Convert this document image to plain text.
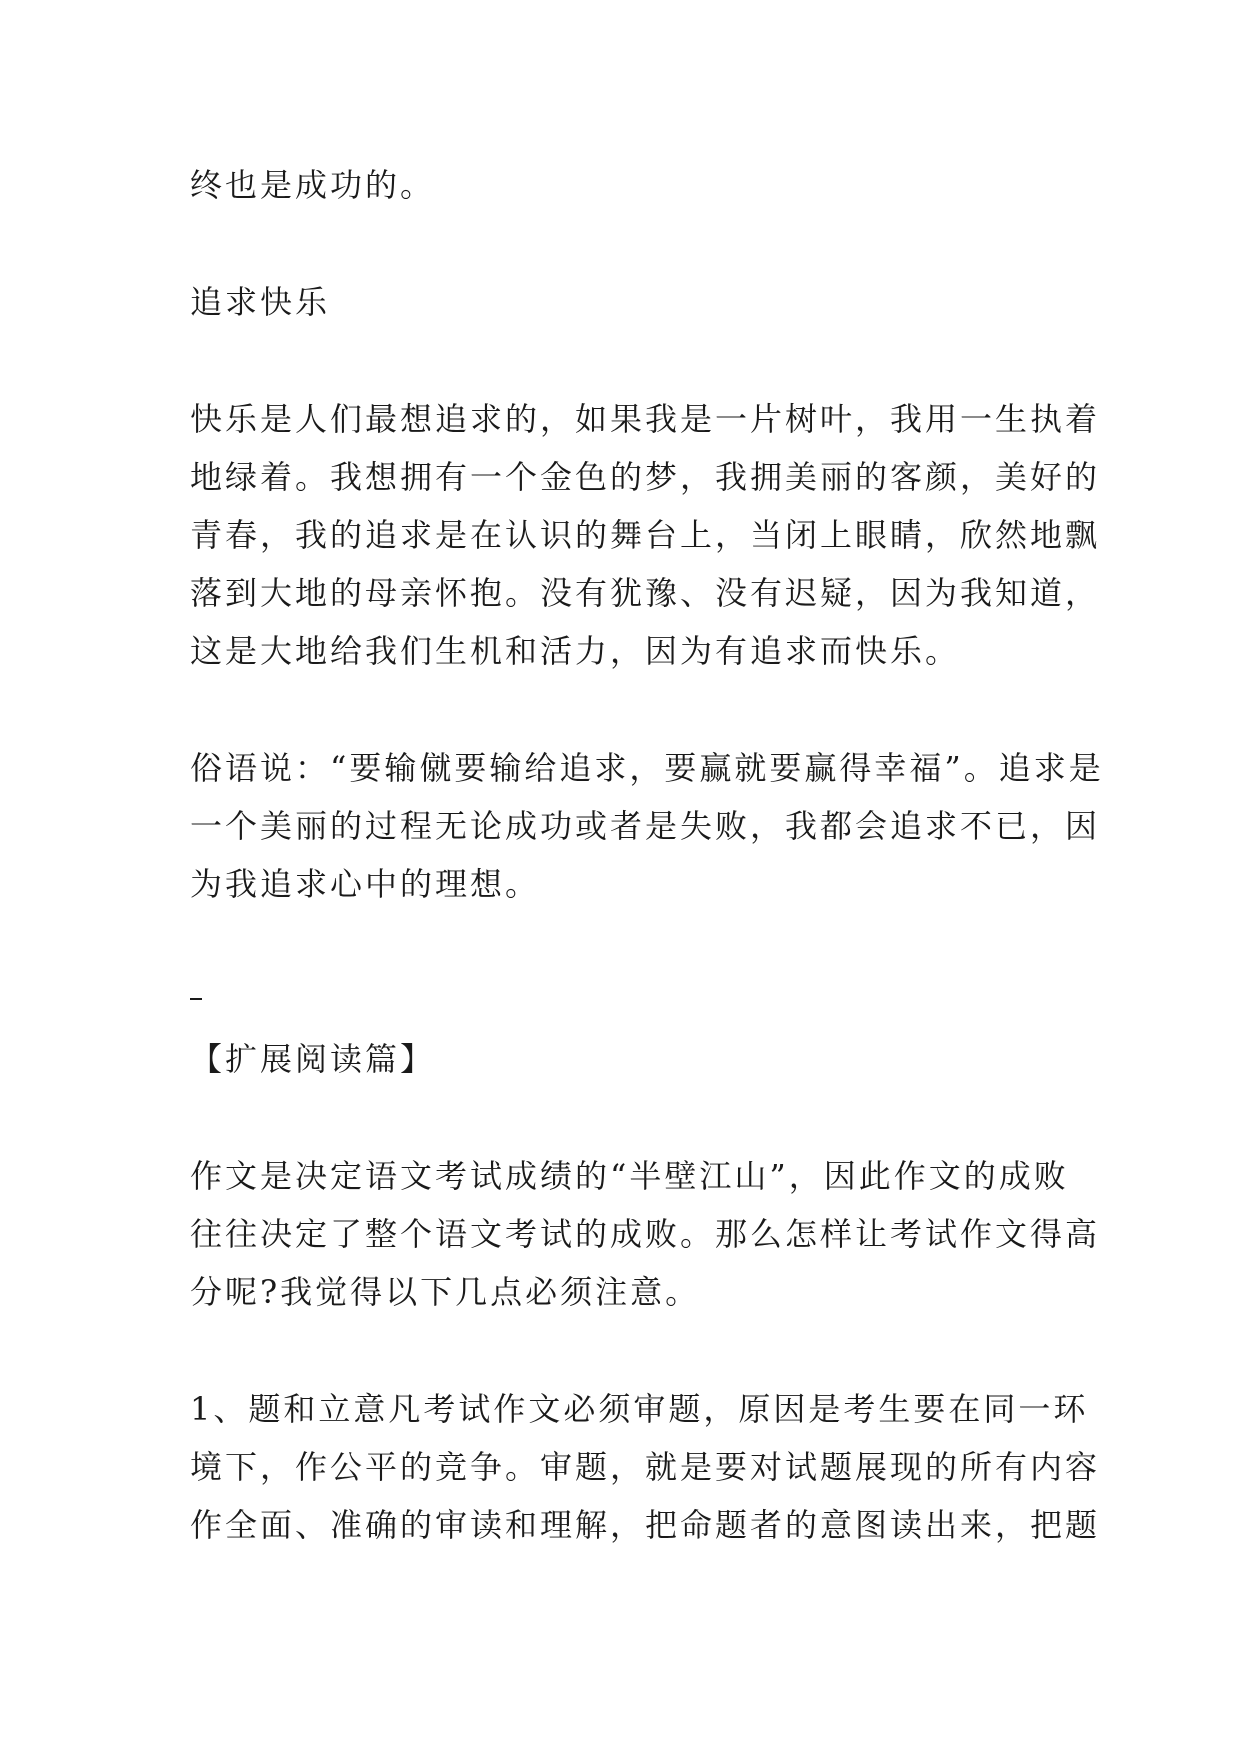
终也是成功的。

追求快乐

快乐是人们最想追求的，如果我是一片树叶，我用一生执着

地绿着。我想拥有一个金色的梦，我拥美丽的客颜，美好的

青春，我的追求是在认识的舞台上，当闭上眼睛，欣然地飘

落到大地的母亲怀抱。没有犹豫、没有迟疑，因为我知道，

这是大地给我们生机和活力，因为有追求而快乐。

俗语说：“要输僦要输给追求，要赢就要赢得幸福”。追求是

一个美丽的过程无论成功或者是失败，我都会追求不已，因

为我追求心中的理想。

【扩展阅读篇】

作文是决定语文考试成绩的“半壁江山”，因此作文的成败

往往决定了整个语文考试的成败。那么怎样让考试作文得高

分呢?我觉得以下几点必须注意。

1、题和立意凡考试作文必须审题，原因是考生要在同一环

境下，作公平的竞争。审题，就是要对试题展现的所有内容

作全面、准确的审读和理解，把命题者的意图读出来，把题
